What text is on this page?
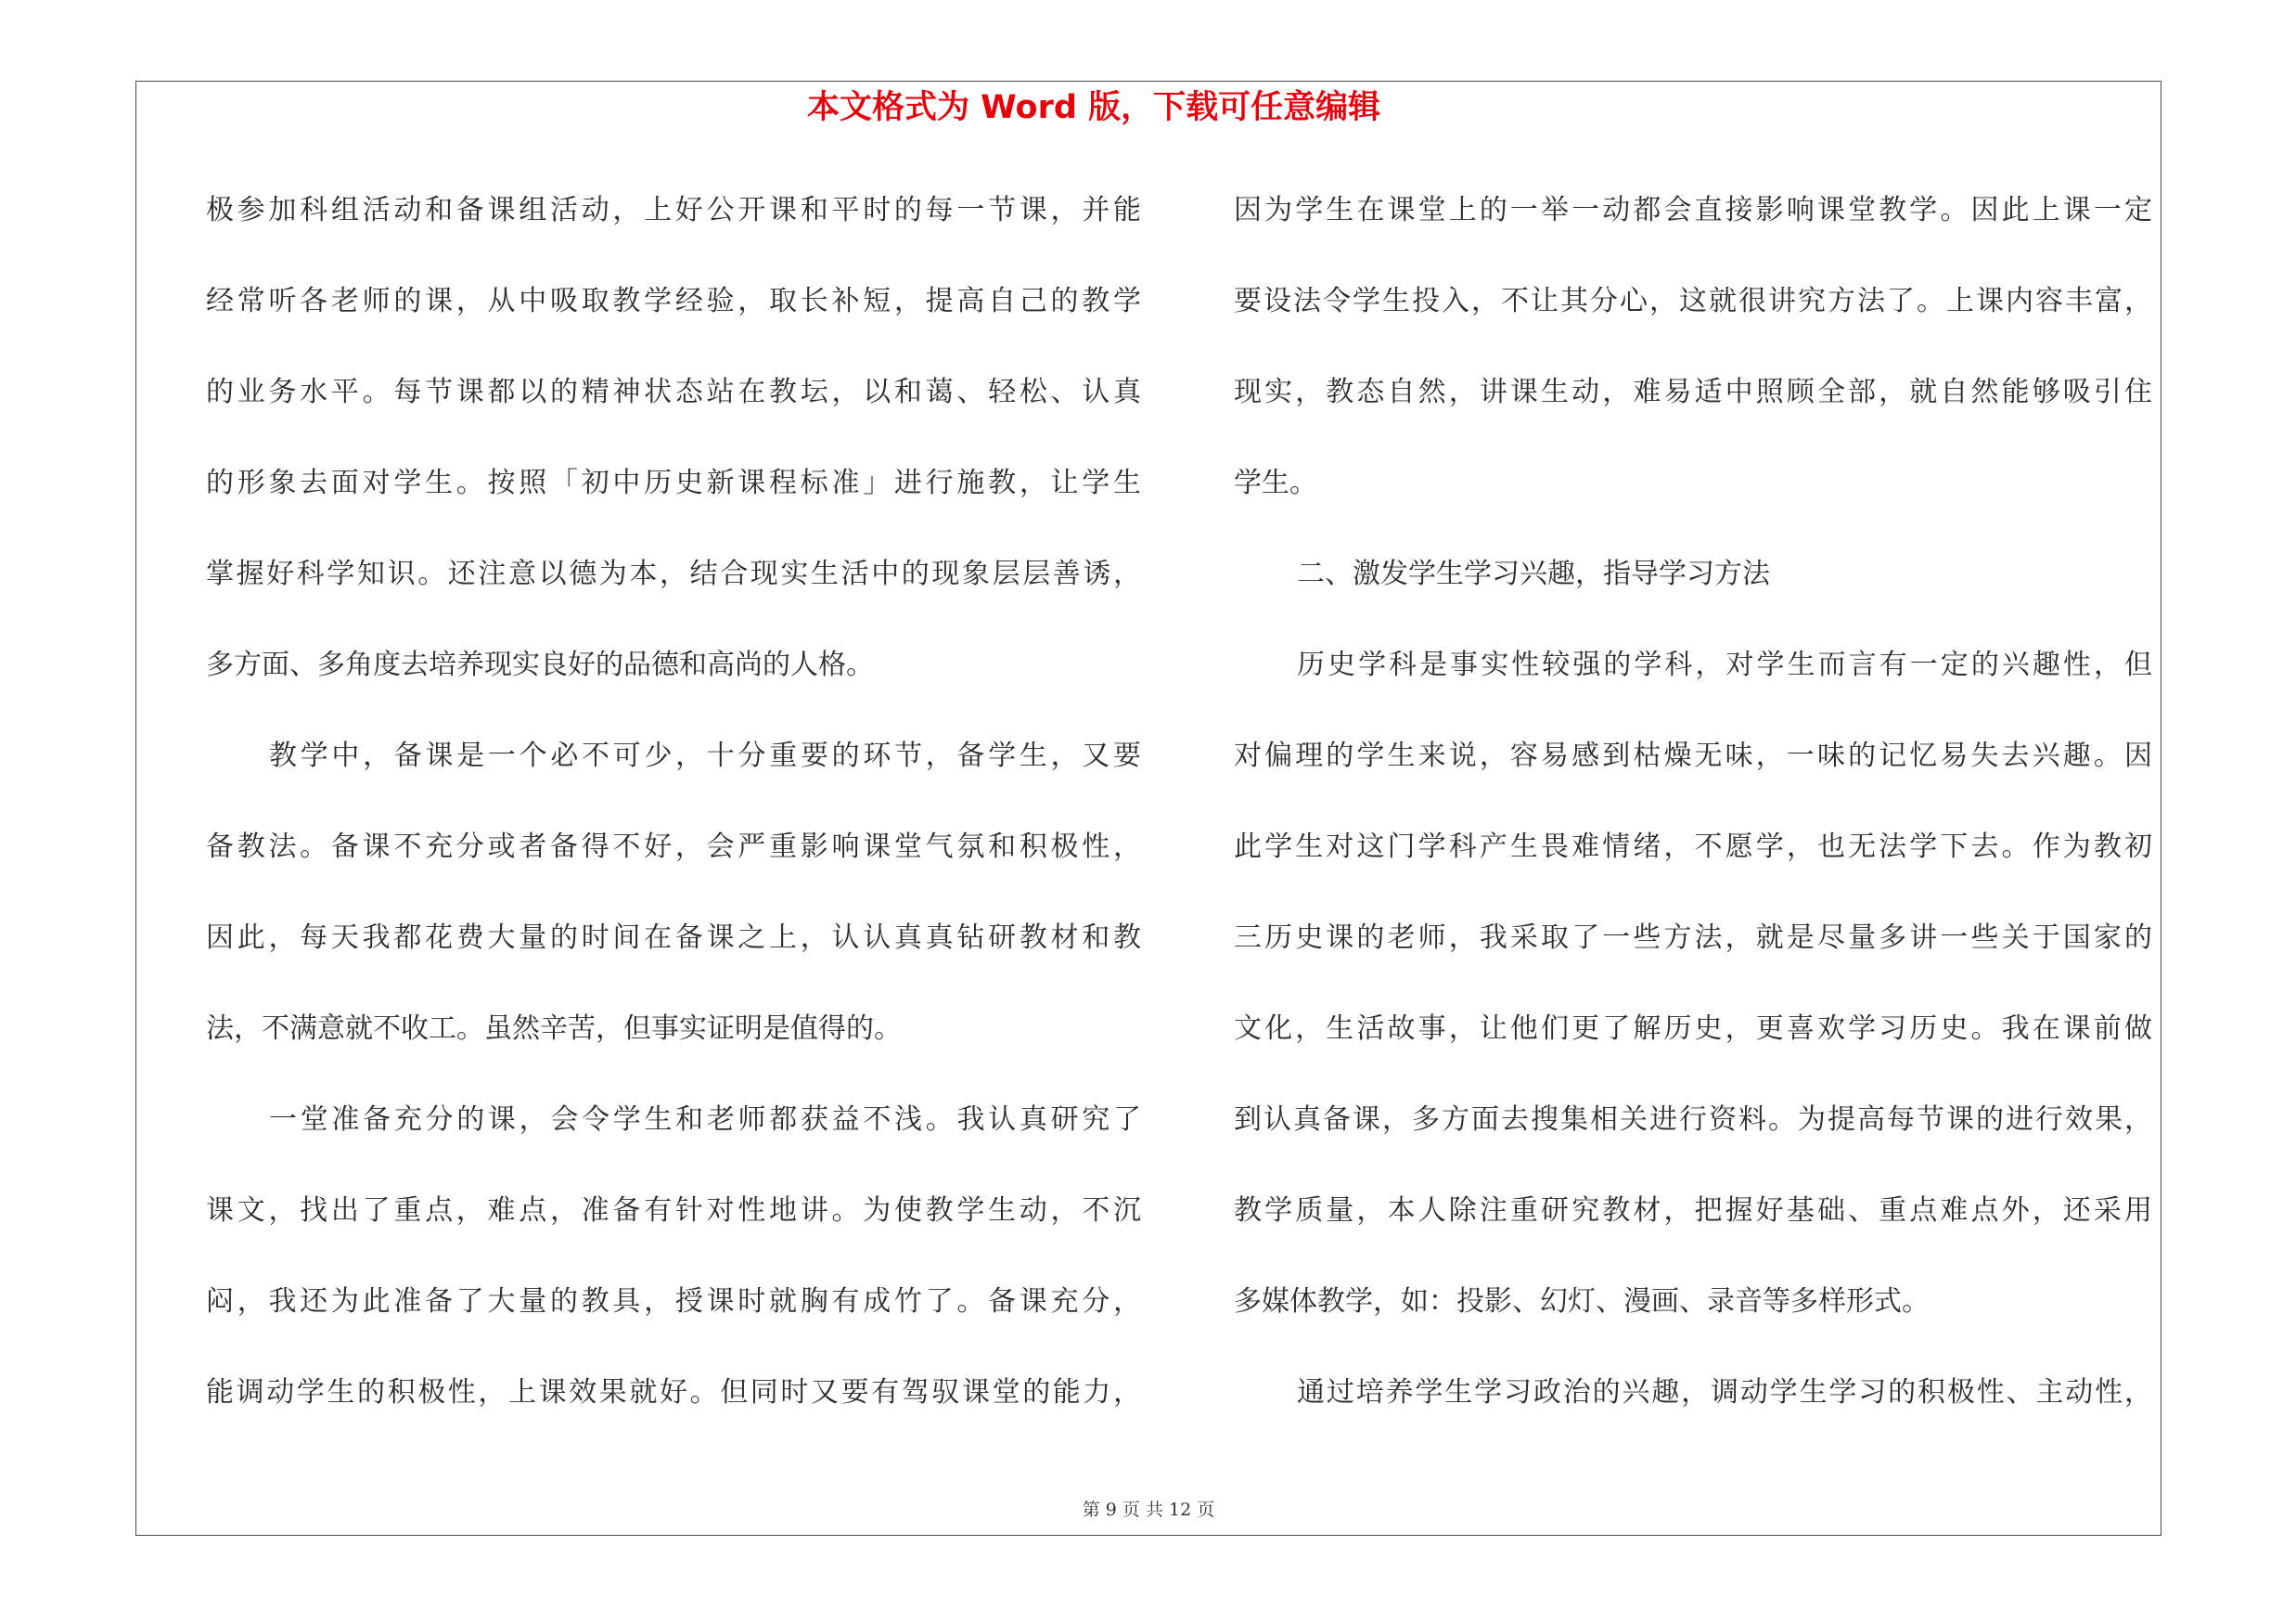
本文格式为 Word 版，下载可任意编辑
极参加科组活动和备课组活动，上好公开课和平时的每一节课，并能
经常听各老师的课，从中吸取教学经验，取长补短，提高自己的教学
的业务水平。每节课都以的精神状态站在教坛，以和蔼、轻松、认真
的形象去面对学生。按照「初中历史新课程标准」进行施教，让学生
掌握好科学知识。还注意以德为本，结合现实生活中的现象层层善诱，
多方面、多角度去培养现实良好的品德和高尚的人格。
教学中，备课是一个必不可少，十分重要的环节，备学生，又要
备教法。备课不充分或者备得不好，会严重影响课堂气氛和积极性，
因此，每天我都花费大量的时间在备课之上，认认真真钻研教材和教
法，不满意就不收工。虽然辛苦，但事实证明是值得的。
一堂准备充分的课，会令学生和老师都获益不浅。我认真研究了
课文，找出了重点，难点，准备有针对性地讲。为使教学生动，不沉
闷，我还为此准备了大量的教具，授课时就胸有成竹了。备课充分，
能调动学生的积极性，上课效果就好。但同时又要有驾驭课堂的能力，
因为学生在课堂上的一举一动都会直接影响课堂教学。因此上课一定
要设法令学生投入，不让其分心，这就很讲究方法了。上课内容丰富，
现实，教态自然，讲课生动，难易适中照顾全部，就自然能够吸引住
学生。
二、激发学生学习兴趣，指导学习方法
历史学科是事实性较强的学科，对学生而言有一定的兴趣性，但
对偏理的学生来说，容易感到枯燥无味，一味的记忆易失去兴趣。因
此学生对这门学科产生畏难情绪，不愿学，也无法学下去。作为教初
三历史课的老师，我采取了一些方法，就是尽量多讲一些关于国家的
文化，生活故事，让他们更了解历史，更喜欢学习历史。我在课前做
到认真备课，多方面去搜集相关进行资料。为提高每节课的进行效果，
教学质量，本人除注重研究教材，把握好基础、重点难点外，还采用
多媒体教学，如：投影、幻灯、漫画、录音等多样形式。
通过培养学生学习政治的兴趣，调动学生学习的积极性、主动性，
第 9 页 共 12 页
